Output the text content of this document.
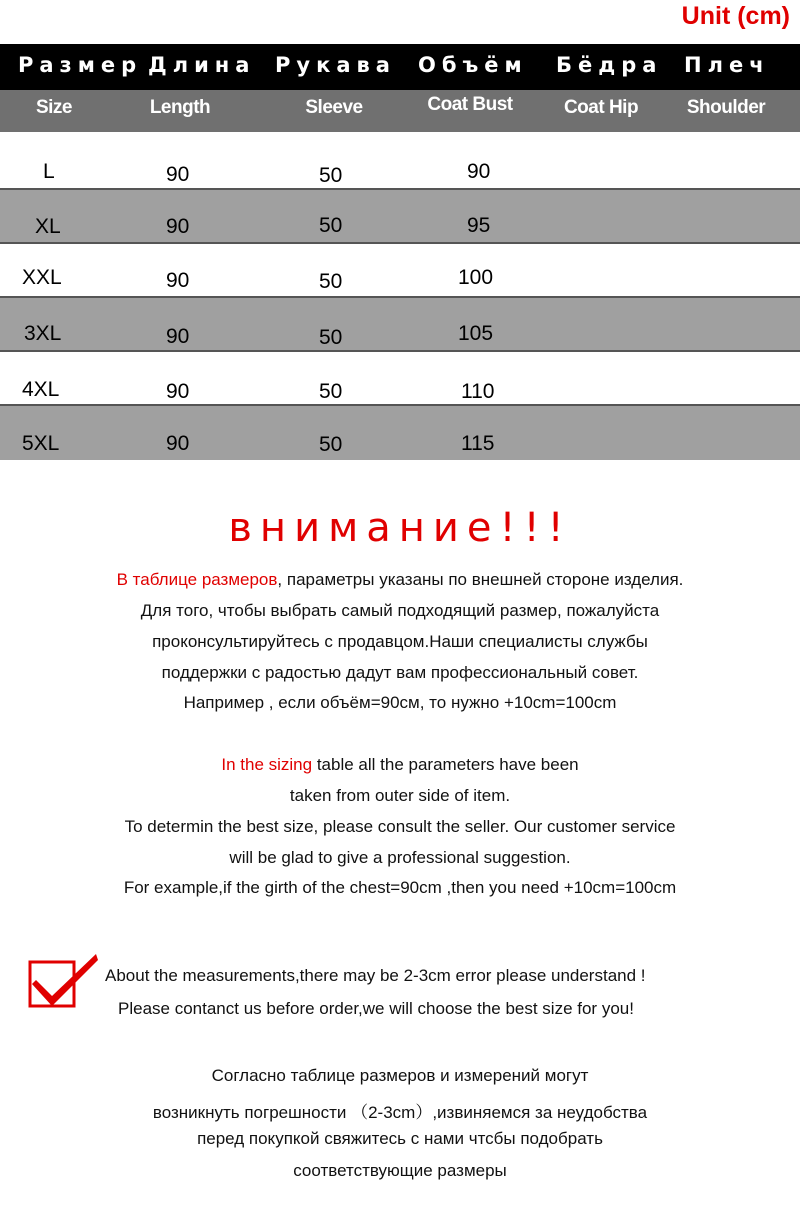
Unit (cm)
Размер Длина Рукава Объём Бёдра Плеч
Size	Length	Sleeve	Coat Bust	Coat Hip	Shoulder
L	90	50	90
XL	90	50	95
XXL	90	50	100
3XL	90	50	105
4XL	90	50	110
5XL	90	50	115
внимание!!!
В таблице размеров, параметры указаны по внешней стороне изделия.
Для того, чтобы выбрать самый подходящий размер, пожалуйста
проконсультируйтесь с продавцом.Наши специалисты службы
поддержки с радостью дадут вам профессиональный совет.
Например , если объём=90см, то нужно +10cm=100cm
In the sizing table all the parameters have been
taken from outer side of item.
To determin the best size, please consult the seller. Our customer service
will be glad to give a professional suggestion.
For example,if the girth of the chest=90cm ,then you need +10cm=100cm
About the measurements,there may be 2-3cm error please understand !
Please contanct us before order,we will choose the best size for you!
Согласно таблице размеров и измерений могут
возникнуть погрешности （2-3cm）,извиняемся за неудобства
перед покупкой свяжитесь с нами чтсбы подобрать
соответствующие размеры
